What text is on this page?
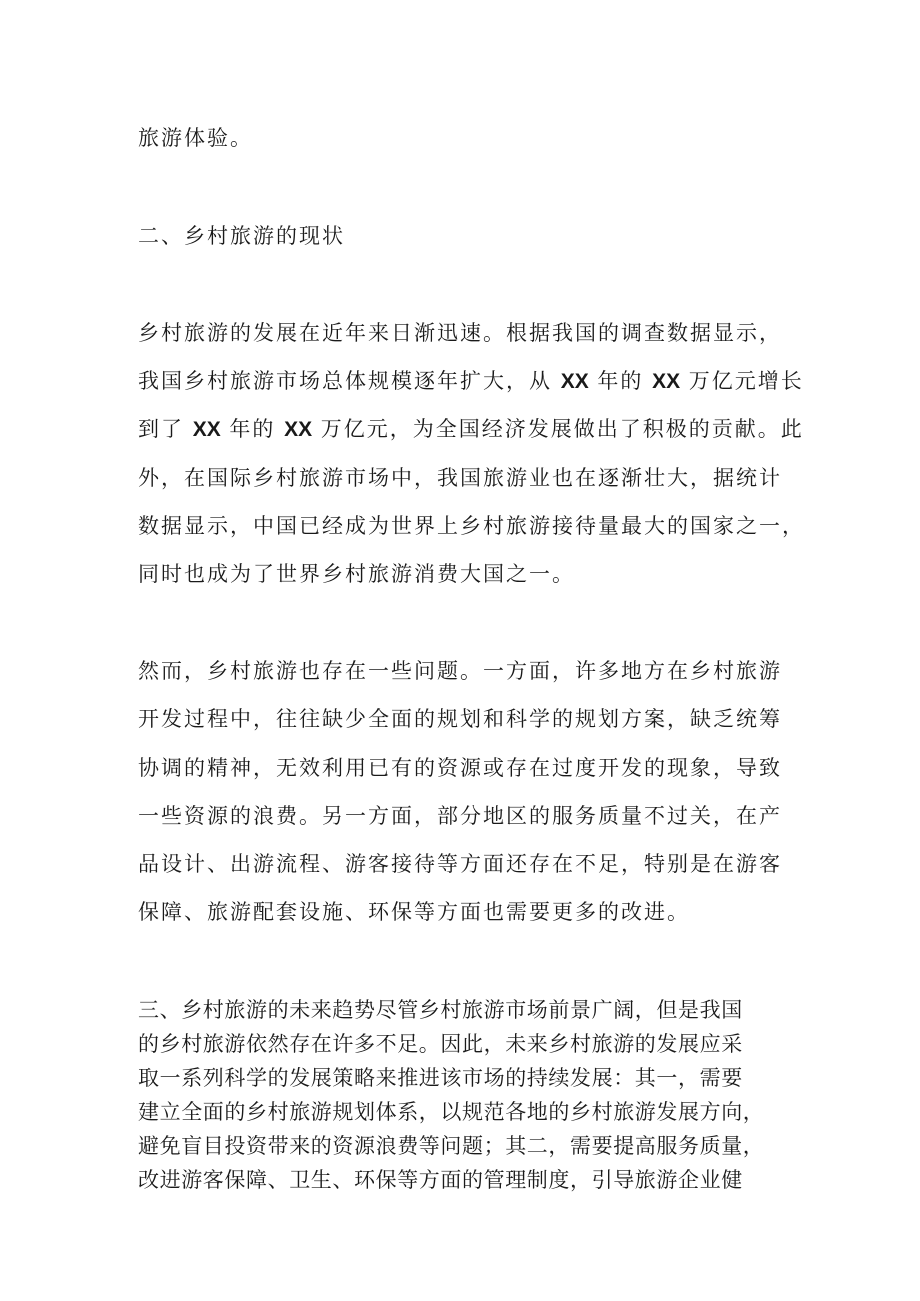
旅游体验。

二、乡村旅游的现状

乡村旅游的发展在近年来日渐迅速。根据我国的调查数据显示，

我国乡村旅游市场总体规模逐年扩大，从 XX 年的 XX 万亿元增长

到了 XX 年的 XX 万亿元，为全国经济发展做出了积极的贡献。此

外，在国际乡村旅游市场中，我国旅游业也在逐渐壮大，据统计

数据显示，中国已经成为世界上乡村旅游接待量最大的国家之一，

同时也成为了世界乡村旅游消费大国之一。

然而，乡村旅游也存在一些问题。一方面，许多地方在乡村旅游

开发过程中，往往缺少全面的规划和科学的规划方案，缺乏统筹

协调的精神，无效利用已有的资源或存在过度开发的现象，导致

一些资源的浪费。另一方面，部分地区的服务质量不过关，在产

品设计、出游流程、游客接待等方面还存在不足，特别是在游客

保障、旅游配套设施、环保等方面也需要更多的改进。

三、乡村旅游的未来趋势尽管乡村旅游市场前景广阔，但是我国

的乡村旅游依然存在许多不足。因此，未来乡村旅游的发展应采

取一系列科学的发展策略来推进该市场的持续发展：其一，需要

建立全面的乡村旅游规划体系，以规范各地的乡村旅游发展方向，

避免盲目投资带来的资源浪费等问题；其二，需要提高服务质量，

改进游客保障、卫生、环保等方面的管理制度，引导旅游企业健
